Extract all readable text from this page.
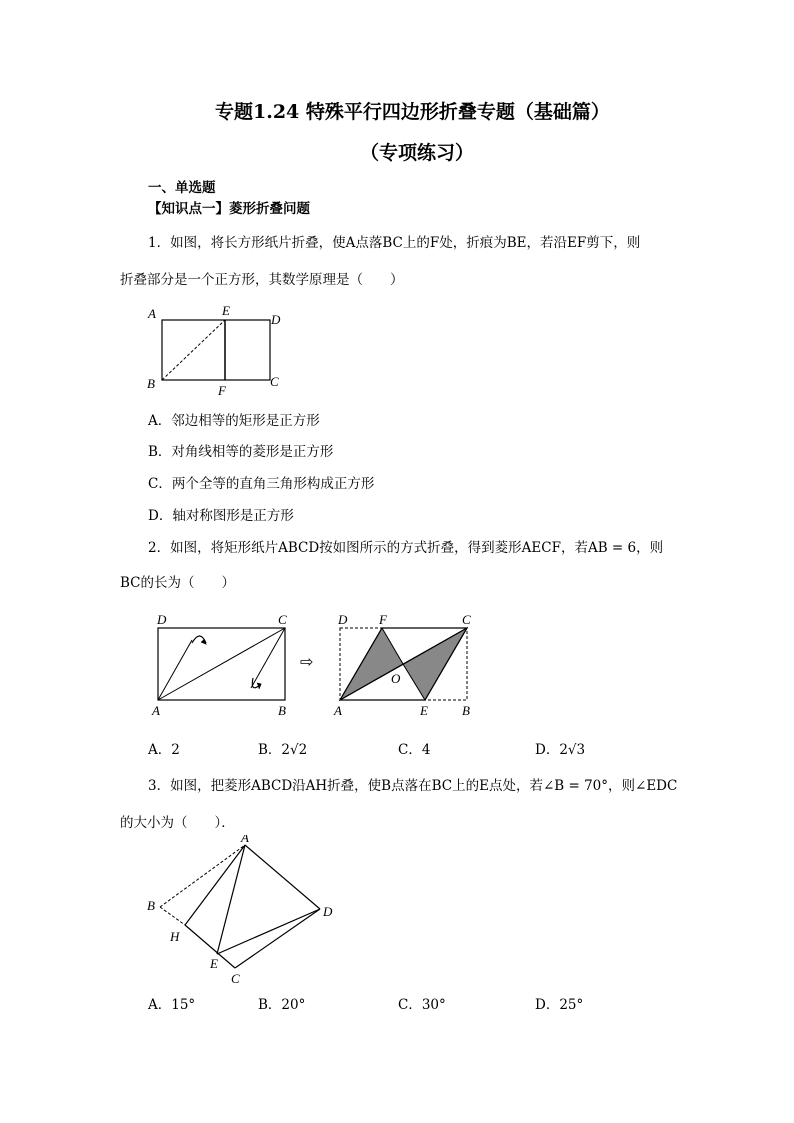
专题1.24 特殊平行四边形折叠专题（基础篇）
（专项练习）
一、单选题
【知识点一】菱形折叠问题
1．如图，将长方形纸片折叠，使A点落BC上的F处，折痕为BE，若沿EF剪下，则
折叠部分是一个正方形，其数学原理是（　　）
A	E
D
B	F
C
A．邻边相等的矩形是正方形
B．对角线相等的菱形是正方形
C．两个全等的直角三角形构成正方形
D．轴对称图形是正方形
2．如图，将矩形纸片ABCD按如图所示的方式折叠，得到菱形AECF，若AB = 6，则
BC的长为（　　）
D	C
A	B
⇨
D F	C
O
A	E	B
A．2	B．2√2	C．4	D．2√3
3．如图，把菱形ABCD沿AH折叠，使B点落在BC上的E点处，若∠B = 70°，则∠EDC
的大小为（　　）．
A
B	D
H
E
C
A．15°	B．20°	C．30°	D．25°
